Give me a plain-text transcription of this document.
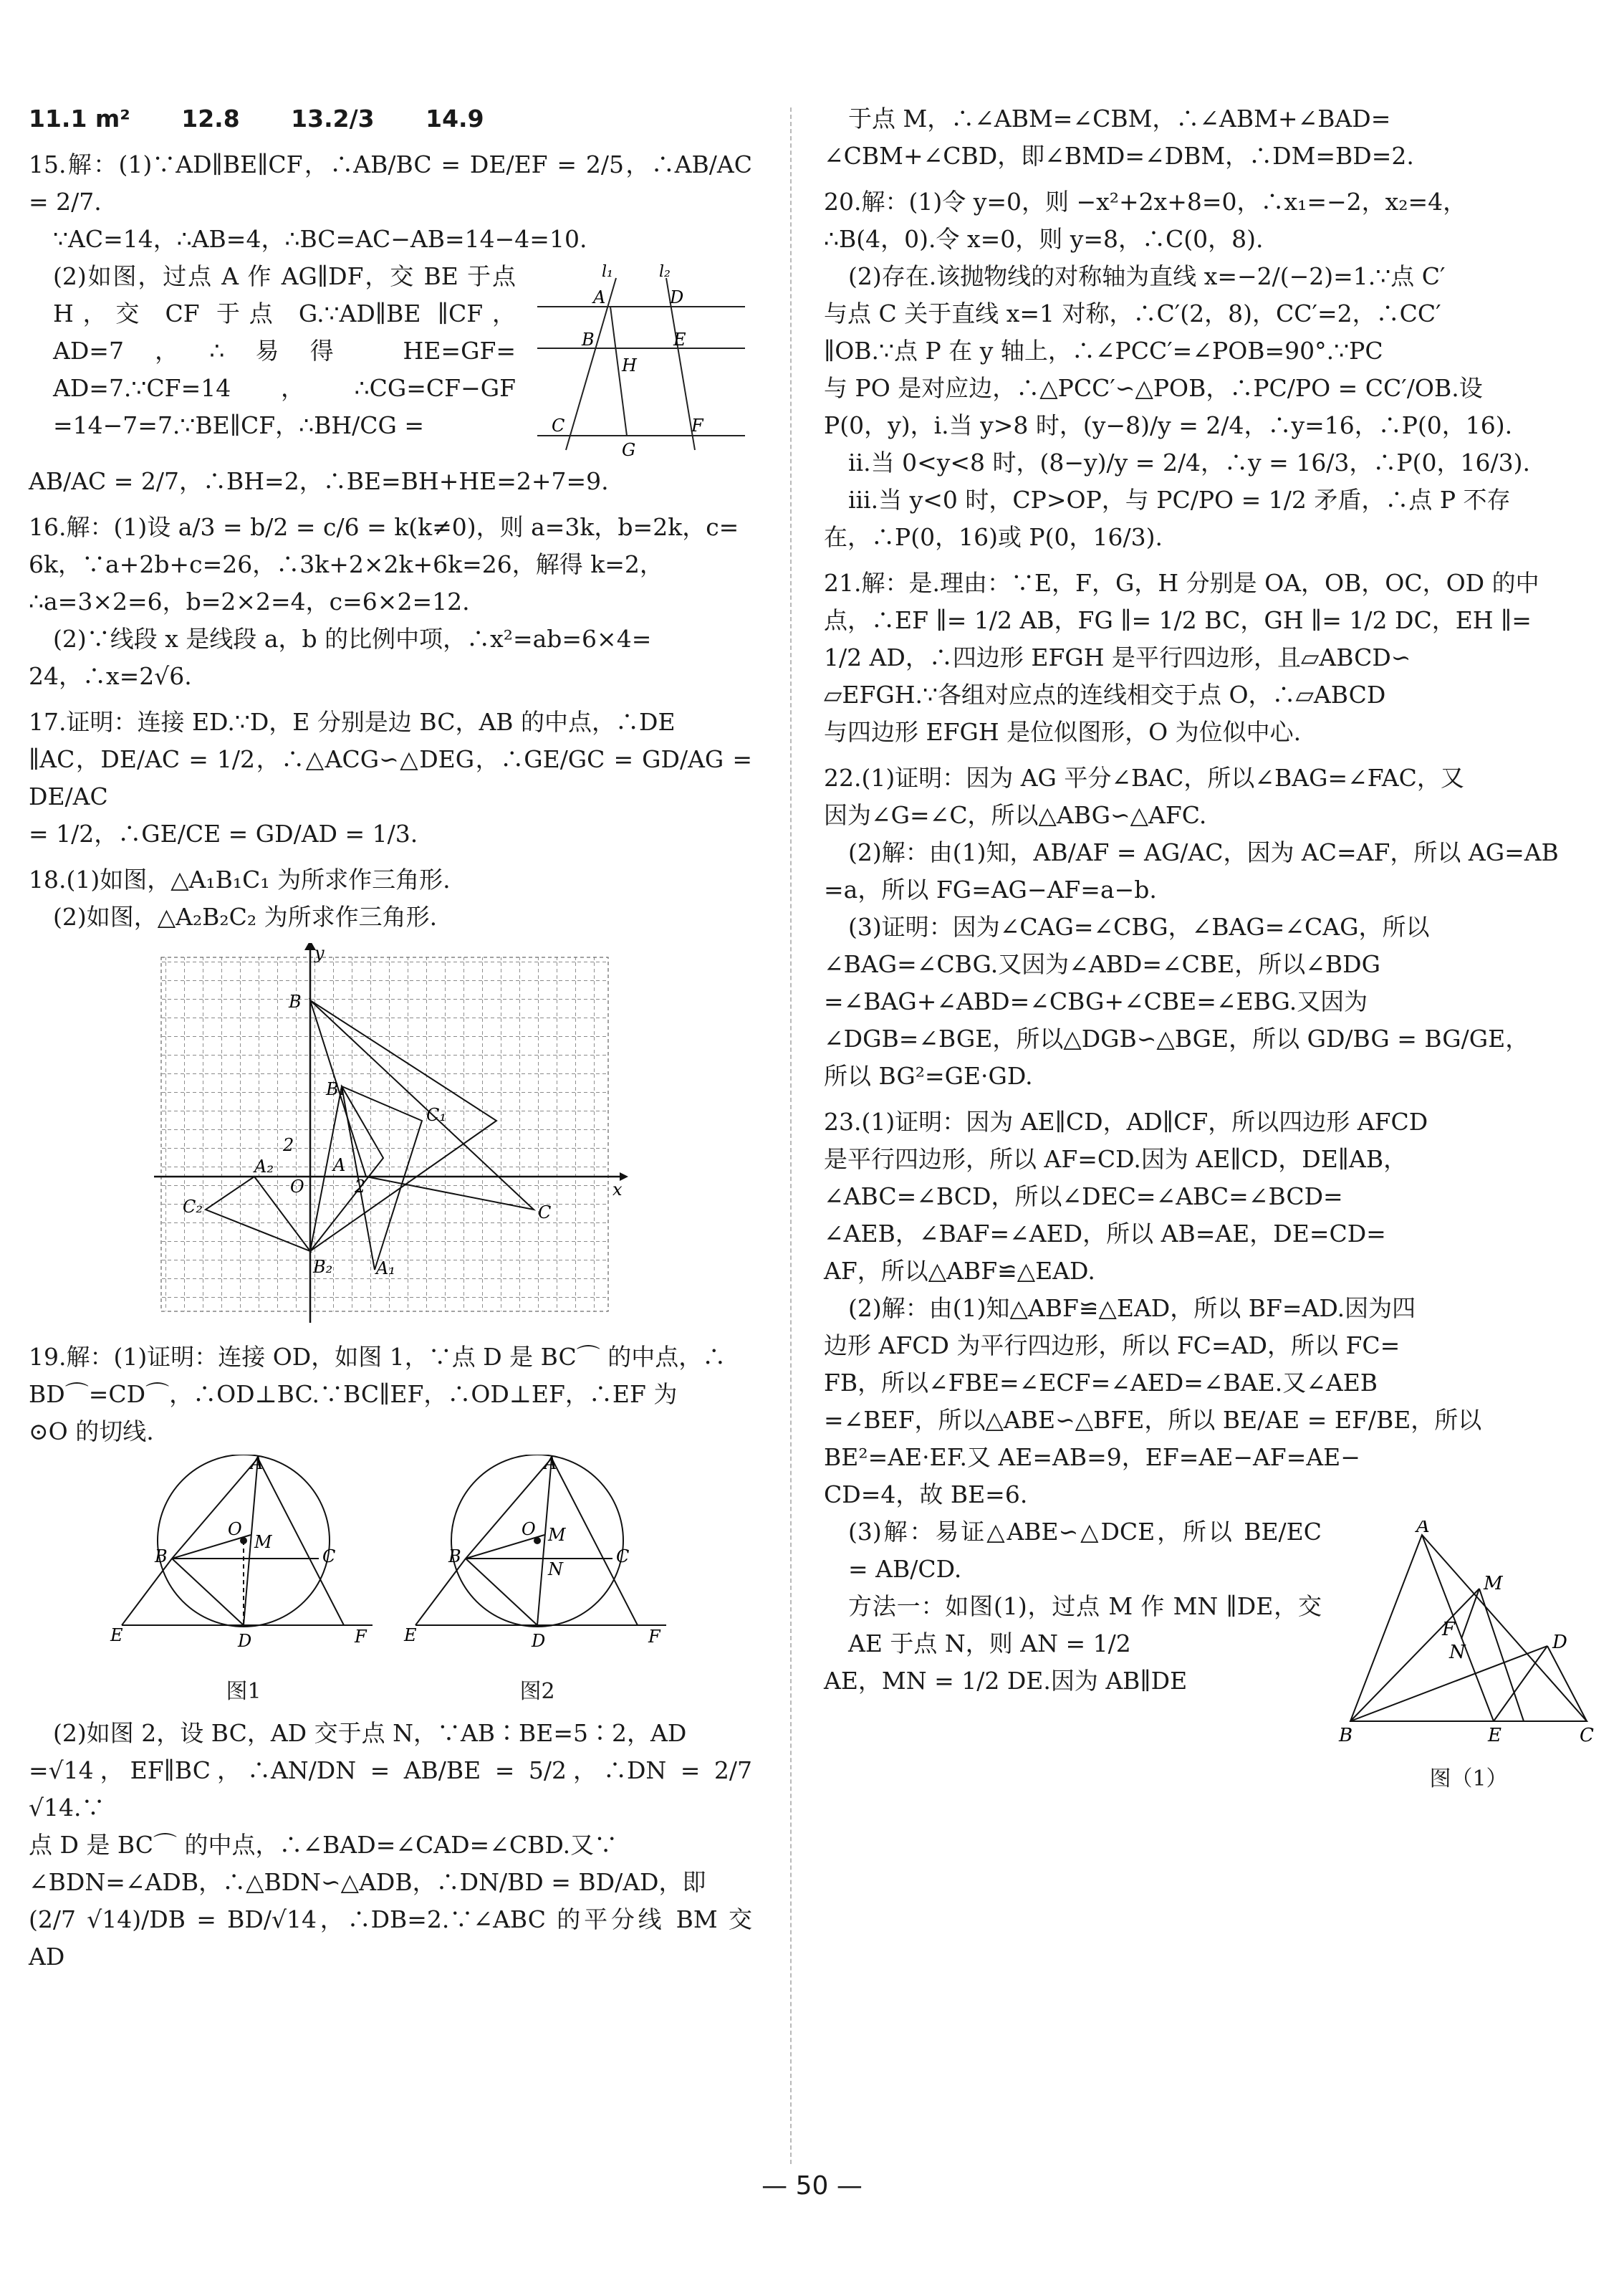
11.1 m² 12.8 13.2/3 14.9

15.解：(1)∵AD∥BE∥CF，∴AB/BC = DE/EF = 2/5，∴AB/AC = 2/7.

∵AC=14，∴AB=4，∴BC=AC−AB=14−4=10.

l₁	l₂
A	D
B	E
H
C	F
G

(2)如图，过点 A 作 AG∥DF，交 BE 于点 H，交 CF 于点 G.∵AD∥BE ∥CF，AD=7，∴易得 HE=GF= AD=7.∵CF=14，∴CG=CF−GF =14−7=7.∵BE∥CF，∴BH/CG =

AB/AC = 2/7，∴BH=2，∴BE=BH+HE=2+7=9.

16.解：(1)设 a/3 = b/2 = c/6 = k(k≠0)，则 a=3k，b=2k，c=

6k，∵a+2b+c=26，∴3k+2×2k+6k=26，解得 k=2，

∴a=3×2=6，b=2×2=4，c=6×2=12.

(2)∵线段 x 是线段 a，b 的比例中项，∴x²=ab=6×4=

24，∴x=2√6.

17.证明：连接 ED.∵D，E 分别是边 BC，AB 的中点，∴DE

∥AC，DE/AC = 1/2，∴△ACG∽△DEG，∴GE/GC = GD/AG = DE/AC

= 1/2，∴GE/CE = GD/AD = 1/3.

18.(1)如图，△A₁B₁C₁ 为所求作三角形.

(2)如图，△A₂B₂C₂ 为所求作三角形.

y
x
B
B₁
C₁
2
A₂
O
A
2
C₂	C
B₂	A₁

19.解：(1)证明：连接 OD，如图 1，∵点 D 是 BC⌒ 的中点，∴

BD⌒=CD⌒，∴OD⊥BC.∵BC∥EF，∴OD⊥EF，∴EF 为

⊙O 的切线.

A
O
M
B	C
E	D	F
图1
A
O M
N
B	C
E	D	F
图2

(2)如图 2，设 BC，AD 交于点 N，∵AB∶BE=5∶2，AD

=√14，EF∥BC，∴AN/DN = AB/BE = 5/2，∴DN = 2/7 √14.∵

点 D 是 BC⌒ 的中点，∴∠BAD=∠CAD=∠CBD.又∵

∠BDN=∠ADB，∴△BDN∽△ADB，∴DN/BD = BD/AD，即

(2/7 √14)/DB = BD/√14，∴DB=2.∵∠ABC 的平分线 BM 交 AD

于点 M，∴∠ABM=∠CBM，∴∠ABM+∠BAD=

∠CBM+∠CBD，即∠BMD=∠DBM，∴DM=BD=2.

20.解：(1)令 y=0，则 −x²+2x+8=0，∴x₁=−2，x₂=4，

∴B(4，0).令 x=0，则 y=8，∴C(0，8).

(2)存在.该抛物线的对称轴为直线 x=−2/(−2)=1.∵点 C′

与点 C 关于直线 x=1 对称，∴C′(2，8)，CC′=2，∴CC′

∥OB.∵点 P 在 y 轴上，∴∠PCC′=∠POB=90°.∵PC

与 PO 是对应边，∴△PCC′∽△POB，∴PC/PO = CC′/OB.设

P(0，y)，ⅰ.当 y>8 时，(y−8)/y = 2/4，∴y=16，∴P(0，16).

ⅱ.当 0<y<8 时，(8−y)/y = 2/4，∴y = 16/3，∴P(0，16/3).

ⅲ.当 y<0 时，CP>OP，与 PC/PO = 1/2 矛盾，∴点 P 不存

在，∴P(0，16)或 P(0，16/3).

21.解：是.理由：∵E，F，G，H 分别是 OA，OB，OC，OD 的中

点，∴EF ∥= 1/2 AB，FG ∥= 1/2 BC，GH ∥= 1/2 DC，EH ∥=

1/2 AD，∴四边形 EFGH 是平行四边形，且▱ABCD∽

▱EFGH.∵各组对应点的连线相交于点 O，∴▱ABCD

与四边形 EFGH 是位似图形，O 为位似中心.

22.(1)证明：因为 AG 平分∠BAC，所以∠BAG=∠FAC，又

因为∠G=∠C，所以△ABG∽△AFC.

(2)解：由(1)知，AB/AF = AG/AC，因为 AC=AF，所以 AG=AB

=a，所以 FG=AG−AF=a−b.

(3)证明：因为∠CAG=∠CBG，∠BAG=∠CAG，所以

∠BAG=∠CBG.又因为∠ABD=∠CBE，所以∠BDG

=∠BAG+∠ABD=∠CBG+∠CBE=∠EBG.又因为

∠DGB=∠BGE，所以△DGB∽△BGE，所以 GD/BG = BG/GE，

所以 BG²=GE·GD.

23.(1)证明：因为 AE∥CD，AD∥CF，所以四边形 AFCD

是平行四边形，所以 AF=CD.因为 AE∥CD，DE∥AB，

∠ABC=∠BCD，所以∠DEC=∠ABC=∠BCD=

∠AEB，∠BAF=∠AED，所以 AB=AE，DE=CD=

AF，所以△ABF≌△EAD.

(2)解：由(1)知△ABF≌△EAD，所以 BF=AD.因为四

边形 AFCD 为平行四边形，所以 FC=AD，所以 FC=

FB，所以∠FBE=∠ECF=∠AED=∠BAE.又∠AEB

=∠BEF，所以△ABE∽△BFE，所以 BE/AE = EF/BE，所以

BE²=AE·EF.又 AE=AB=9，EF=AE−AF=AE−

CD=4，故 BE=6.

A
M
F
N	D
B	E	C
图（1）

(3)解：易证△ABE∽△DCE，所以 BE/EC = AB/CD.

方法一：如图(1)，过点 M 作 MN ∥DE，交 AE 于点 N，则 AN = 1/2

AE，MN = 1/2 DE.因为 AB∥DE

— 50 —
